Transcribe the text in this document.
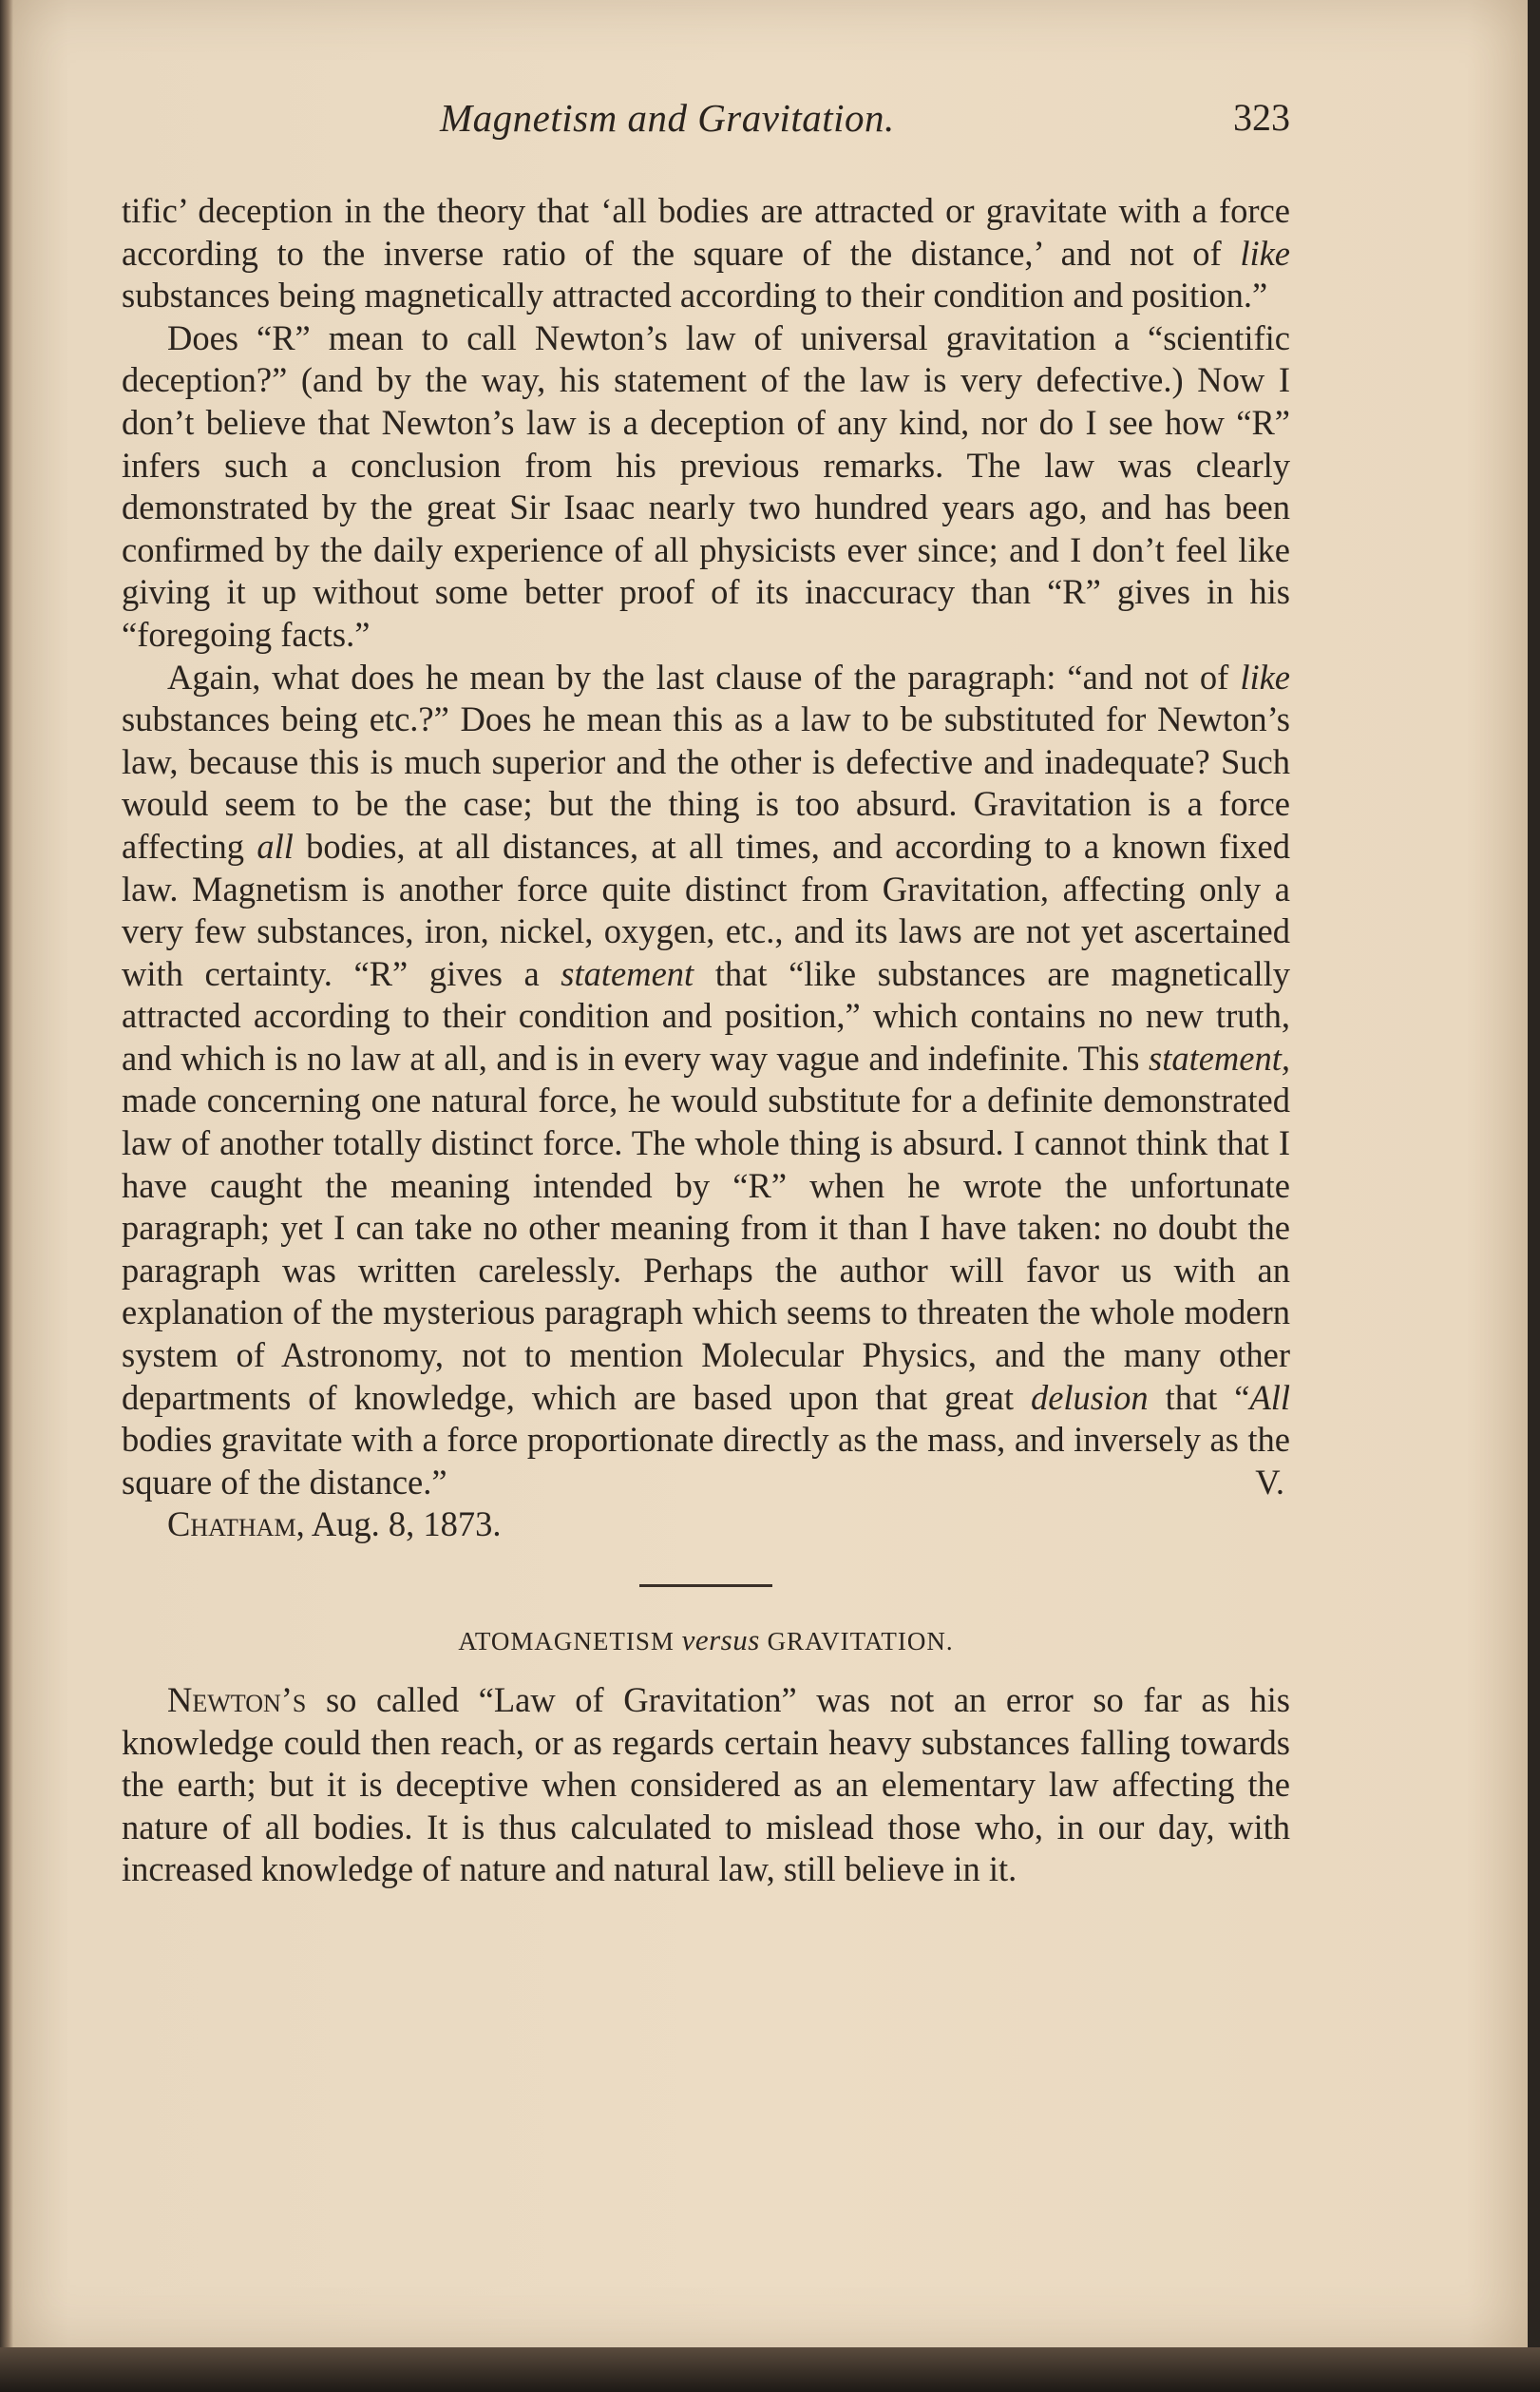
Magnetism and Gravitation.	323

tific’ deception in the theory that ‘all bodies are attracted or gravitate with a force according to the inverse ratio of the square of the distance,’ and not of like substances being magnetically attracted according to their condition and position.”

Does “R” mean to call Newton’s law of universal gravitation a “scientific deception?” (and by the way, his statement of the law is very defective.) Now I don’t believe that Newton’s law is a deception of any kind, nor do I see how “R” infers such a conclusion from his previous remarks. The law was clearly demonstrated by the great Sir Isaac nearly two hundred years ago, and has been confirmed by the daily experience of all physicists ever since; and I don’t feel like giving it up without some better proof of its inaccuracy than “R” gives in his “foregoing facts.”

Again, what does he mean by the last clause of the paragraph: “and not of like substances being etc.?” Does he mean this as a law to be substituted for Newton’s law, because this is much superior and the other is defective and inadequate? Such would seem to be the case; but the thing is too absurd. Gravitation is a force affecting all bodies, at all distances, at all times, and according to a known fixed law. Magnetism is another force quite distinct from Gravitation, affecting only a very few substances, iron, nickel, oxygen, etc., and its laws are not yet ascertained with certainty. “R” gives a statement that “like substances are magnetically attracted according to their condition and position,” which contains no new truth, and which is no law at all, and is in every way vague and indefinite. This statement, made concerning one natural force, he would substitute for a definite demonstrated law of another totally distinct force. The whole thing is absurd. I cannot think that I have caught the meaning intended by “R” when he wrote the unfortunate paragraph; yet I can take no other meaning from it than I have taken: no doubt the paragraph was written carelessly. Perhaps the author will favor us with an explanation of the mysterious paragraph which seems to threaten the whole modern system of Astronomy, not to mention Molecular Physics, and the many other departments of knowledge, which are based upon that great delusion that “All bodies gravitate with a force proportionate directly as the mass, and inversely as the square of the distance.”	V.

Chatham, Aug. 8, 1873.

ATOMAGNETISM versus GRAVITATION.

Newton’s so called “Law of Gravitation” was not an error so far as his knowledge could then reach, or as regards certain heavy substances falling towards the earth; but it is deceptive when considered as an elementary law affecting the nature of all bodies. It is thus calculated to mislead those who, in our day, with increased knowledge of nature and natural law, still believe in it.
